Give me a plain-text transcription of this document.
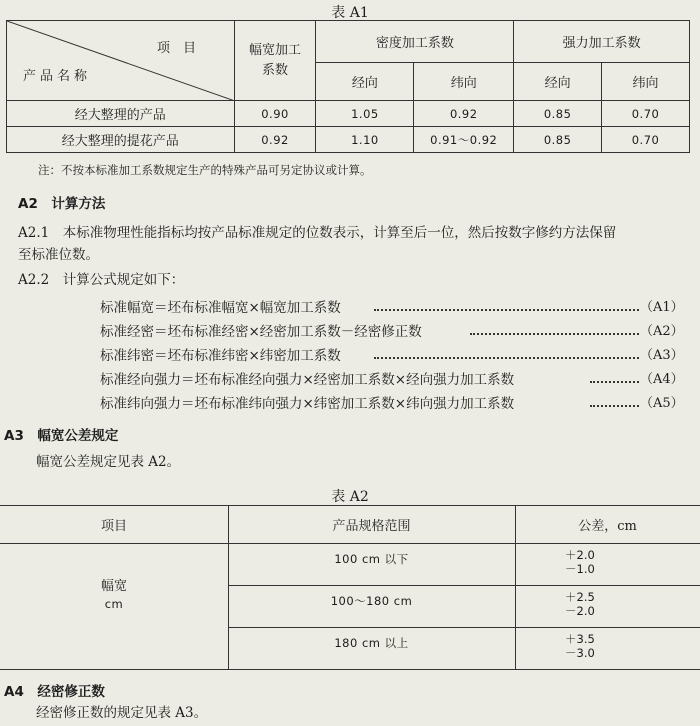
表 A1
项　目
产品名称	幅宽加工系数	密度加工系数		强力加工系数	
		经向	纬向	经向	纬向
经大整理的产品	0.90	1.05	0.92	0.85	0.70
经大整理的提花产品	0.92	1.10	0.91～0.92	0.85	0.70
注：不按本标准加工系数规定生产的特殊产品可另定协议或计算。
A2　计算方法
A2.1　本标准物理性能指标均按产品标准规定的位数表示，计算至后一位，然后按数字修约方法保留
至标准位数。
A2.2　计算公式规定如下：
标准幅宽＝坯布标准幅宽×幅宽加工系数	（A1）
标准经密＝坯布标准经密×经密加工系数－经密修正数	（A2）
标准纬密＝坯布标准纬密×纬密加工系数	（A3）
标准经向强力＝坯布标准经向强力×经密加工系数×经向强力加工系数	（A4）
标准纬向强力＝坯布标准纬向强力×纬密加工系数×纬向强力加工系数	（A5）
A3　幅宽公差规定
幅宽公差规定见表 A2。
表 A2
项目	产品规格范围	公差，cm
幅宽
cm
100 cm 以下	＋2.0
－1.0
100～180 cm	＋2.5
－2.0
180 cm 以上	＋3.5
－3.0
A4　经密修正数
经密修正数的规定见表 A3。
